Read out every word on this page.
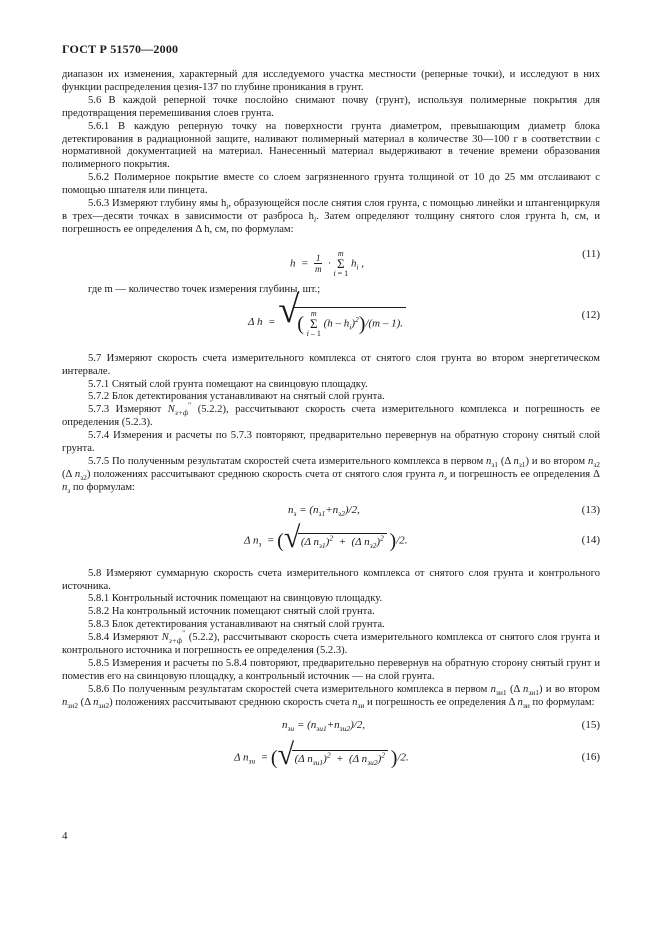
ГОСТ Р 51570—2000

диапазон их изменения, характерный для исследуемого участка местности (реперные точки), и исследуют в них функции распределения цезия-137 по глубине проникания в грунт.

5.6 В каждой реперной точке послойно снимают почву (грунт), используя полимерные покрытия для предотвращения перемешивания слоев грунта.

5.6.1 В каждую реперную точку на поверхности грунта диаметром, превышающим диаметр блока детектирования в радиационной защите, наливают полимерный материал в количестве 30—100 г в соответствии с нормативной документацией на материал. Нанесенный материал выдерживают в течение времени образования полимерного покрытия.

5.6.2 Полимерное покрытие вместе со слоем загрязненного грунта толщиной от 10 до 25 мм отслаивают с помощью шпателя или пинцета.

5.6.3 Измеряют глубину ямы $h_i$, образующейся после снятия слоя грунта, с помощью линейки и штангенциркуля в трех—десяти точках в зависимости от разброса $h_i$. Затем определяют толщину снятого слоя грунта h, см, и погрешность ее определения Δ h, см, по формулам:

$h = \frac{1}{m} \cdot m$
Σ
i = 1 $h_i$ ,
(11)

где m — количество точек измерения глубины, шт.;

Δ h  = √
( m
Σ
i – 1 $(h - h_i)^2)/(m - 1)$.
(12)

5.7 Измеряют скорость счета измерительного комплекса от снятого слоя грунта во втором энергетическом интервале.

5.7.1 Снятый слой грунта помещают на свинцовую площадку.

5.7.2 Блок детектирования устанавливают на снятый слой грунта.

5.7.3 Измеряют $N_{з+ф}''$ (5.2.2), рассчитывают скорость счета измерительного комплекса и погрешность ее определения (5.2.3).

5.7.4 Измерения и расчеты по 5.7.3 повторяют, предварительно перевернув на обратную сторону снятый слой грунта.

5.7.5 По полученным результатам скоростей счета измерительного комплекса в первом $n_{з1}$ (Δ $n_{з1}$) и во втором $n_{з2}$ (Δ $n_{з2}$) положениях рассчитывают среднюю скорость счета от снятого слоя грунта $n_з$ и погрешность ее определения Δ $n_з$ по формулам:

$n_з = (n_{з1}+n_{з2})/2$,	(13)
Δ $n_з$  = ( √ (Δ $n_{з1})^2 + (\Delta$ $n_{з2})^2$ )/2.	(14)

5.8 Измеряют суммарную скорость счета измерительного комплекса от снятого слоя грунта и контрольного источника.

5.8.1 Контрольный источник помещают на свинцовую площадку.

5.8.2 На контрольный источник помещают снятый слой грунта.

5.8.3 Блок детектирования устанавливают на снятый слой грунта.

5.8.4 Измеряют $N_{з+ф}''$ (5.2.2), рассчитывают скорость счета измерительного комплекса от снятого слоя грунта и контрольного источника и погрешность ее определения (5.2.3).

5.8.5 Измерения и расчеты по 5.8.4 повторяют, предварительно перевернув на обратную сторону снятый грунт и поместив его на свинцовую площадку, а контрольный источник — на слой грунта.

5.8.6 По полученным результатам скоростей счета измерительного комплекса в первом $n_{зи1}$ (Δ $n_{зи1}$) и во втором $n_{зи2}$ (Δ $n_{зи2}$) положениях рассчитывают среднюю скорость счета $n_{зи}$ и погрешность ее определения Δ $n_{зи}$ по формулам:

$n_{зи} = (n_{зи1}+n_{зи2})/2$,	(15)
Δ $n_{зи}$  = ( √ (Δ $n_{зи1})^2 + (\Delta$ $n_{зи2})^2$ )/2.	(16)
4
